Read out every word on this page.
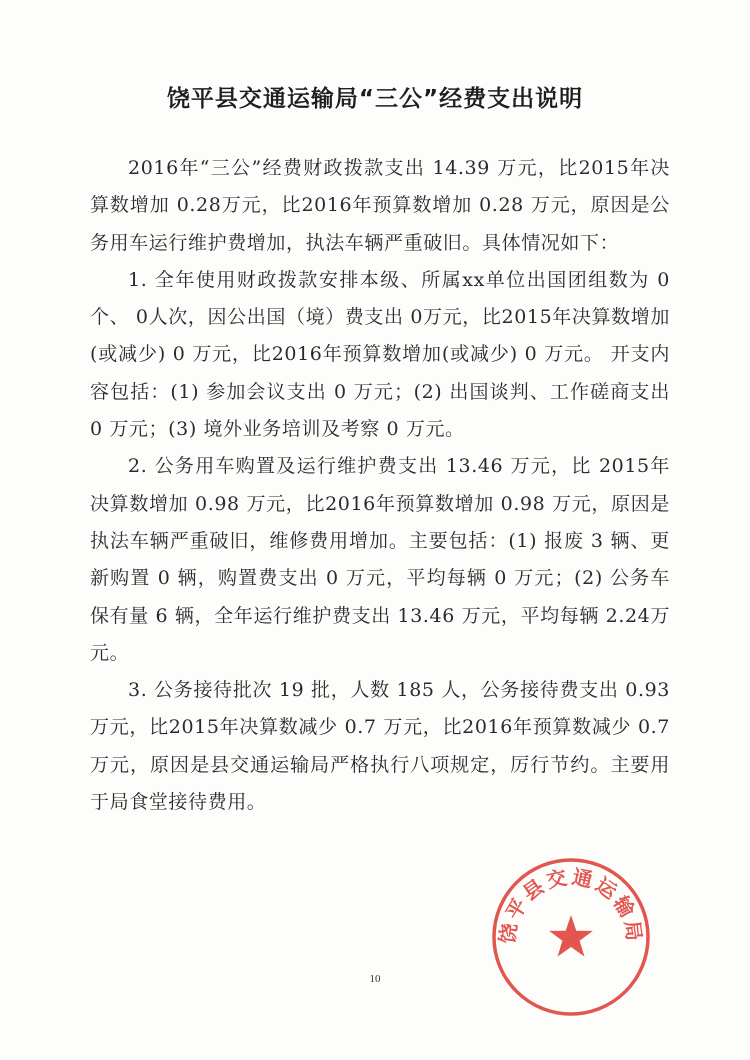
饶平县交通运输局“三公”经费支出说明

2016年“三公”经费财政拨款支出 14.39 万元，比2015年决算数增加 0.28万元，比2016年预算数增加 0.28 万元，原因是公务用车运行维护费增加，执法车辆严重破旧。具体情况如下：

1. 全年使用财政拨款安排本级、所属xx单位出国团组数为 0个、 0人次，因公出国（境）费支出 0万元，比2015年决算数增加(或减少) 0 万元，比2016年预算数增加(或减少) 0 万元。 开支内容包括：(1) 参加会议支出 0 万元；(2) 出国谈判、工作磋商支出 0 万元；(3) 境外业务培训及考察 0 万元。

2. 公务用车购置及运行维护费支出 13.46 万元，比 2015年决算数增加 0.98 万元，比2016年预算数增加 0.98 万元，原因是执法车辆严重破旧，维修费用增加。主要包括：(1) 报废 3 辆、更新购置 0 辆，购置费支出 0 万元，平均每辆 0 万元；(2) 公务车保有量 6 辆，全年运行维护费支出 13.46 万元，平均每辆 2.24万元。

3. 公务接待批次 19 批，人数 185 人，公务接待费支出 0.93万元，比2015年决算数减少 0.7 万元，比2016年预算数减少 0.7万元，原因是县交通运输局严格执行八项规定，厉行节约。主要用于局食堂接待费用。

10
饶平县交通运输局
